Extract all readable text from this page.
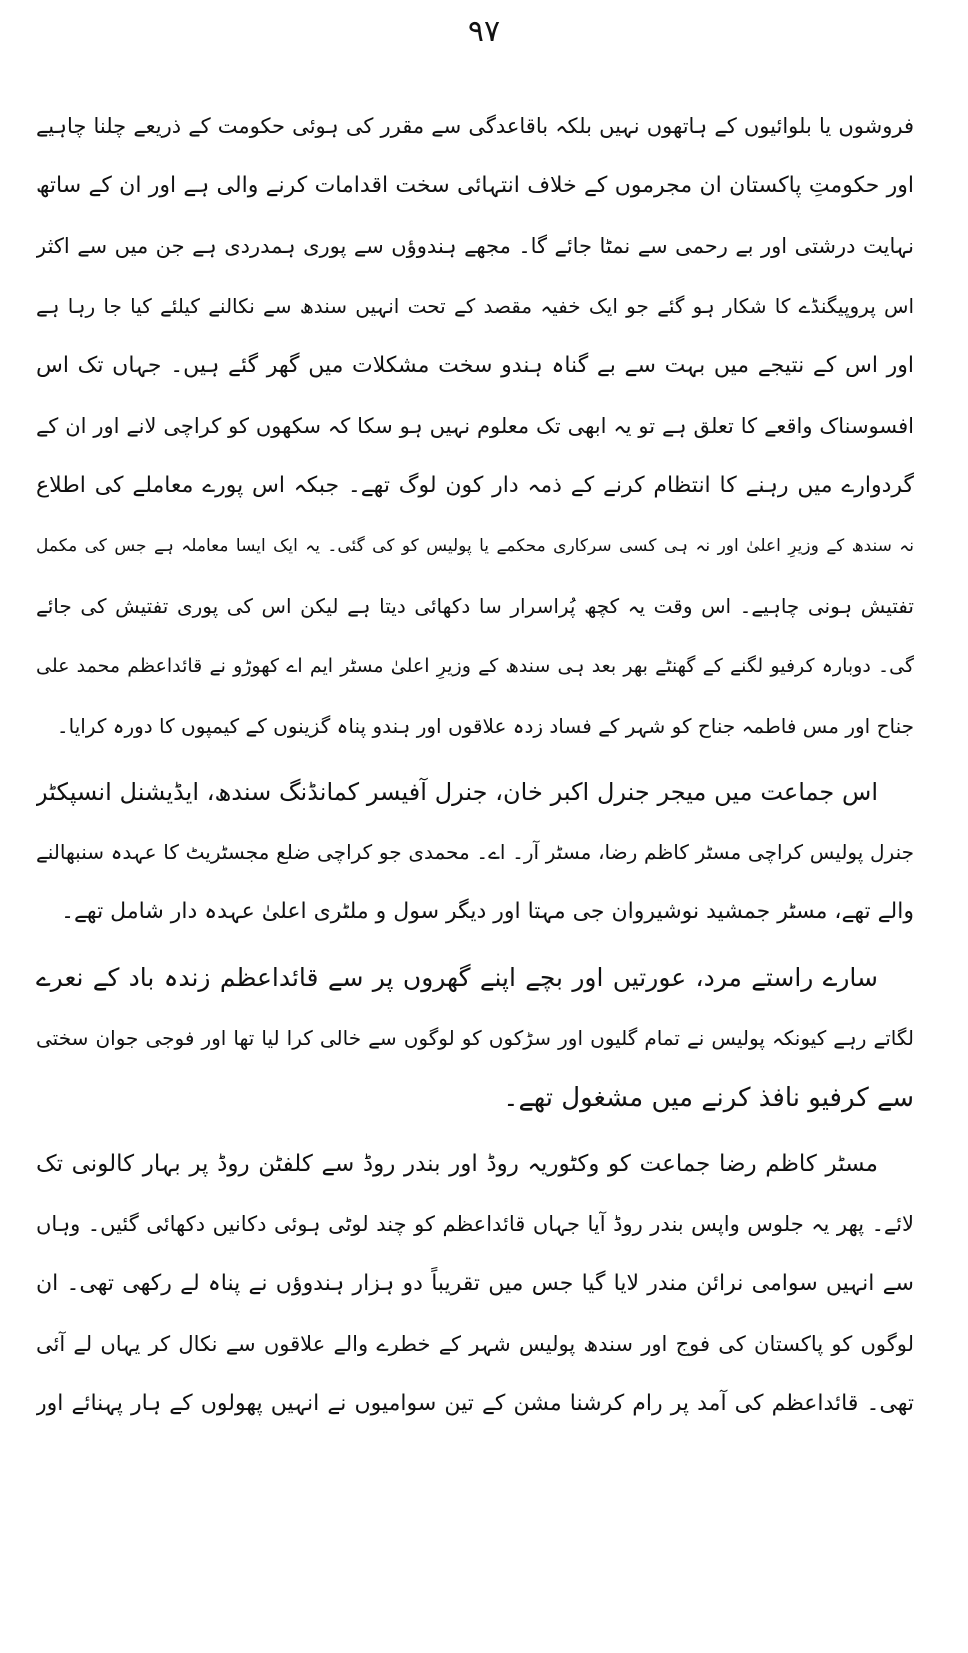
۹۷
فروشوں یا بلوائیوں کے ہاتھوں نہیں بلکہ باقاعدگی سے مقرر کی ہوئی حکومت کے ذریعے چلنا چاہیے
اور حکومتِ پاکستان ان مجرموں کے خلاف انتہائی سخت اقدامات کرنے والی ہے اور ان کے ساتھ
نہایت درشتی اور بے رحمی سے نمٹا جائے گا۔ مجھے ہندوؤں سے پوری ہمدردی ہے جن میں سے اکثر
اس پروپیگنڈے کا شکار ہو گئے جو ایک خفیہ مقصد کے تحت انہیں سندھ سے نکالنے کیلئے کیا جا رہا ہے
اور اس کے نتیجے میں بہت سے بے گناہ ہندو سخت مشکلات میں گھر گئے ہیں۔ جہاں تک اس
افسوسناک واقعے کا تعلق ہے تو یہ ابھی تک معلوم نہیں ہو سکا کہ سکھوں کو کراچی لانے اور ان کے
گردوارے میں رہنے کا انتظام کرنے کے ذمہ دار کون لوگ تھے۔ جبکہ اس پورے معاملے کی اطلاع
نہ سندھ کے وزیرِ اعلیٰ اور نہ ہی کسی سرکاری محکمے یا پولیس کو کی گئی۔ یہ ایک ایسا معاملہ ہے جس کی مکمل
تفتیش ہونی چاہیے۔ اس وقت یہ کچھ پُراسرار سا دکھائی دیتا ہے لیکن اس کی پوری تفتیش کی جائے
گی۔ دوبارہ کرفیو لگنے کے گھنٹے بھر بعد ہی سندھ کے وزیرِ اعلیٰ مسٹر ایم اے کھوڑو نے قائداعظم محمد علی
جناح اور مس فاطمہ جناح کو شہر کے فساد زدہ علاقوں اور ہندو پناہ گزینوں کے کیمپوں کا دورہ کرایا۔
اس جماعت میں میجر جنرل اکبر خان، جنرل آفیسر کمانڈنگ سندھ، ایڈیشنل انسپکٹر
جنرل پولیس کراچی مسٹر کاظم رضا، مسٹر آر۔ اے۔ محمدی جو کراچی ضلع مجسٹریٹ کا عہدہ سنبھالنے
والے تھے، مسٹر جمشید نوشیروان جی مہتا اور دیگر سول و ملٹری اعلیٰ عہدہ دار شامل تھے۔
سارے راستے مرد، عورتیں اور بچے اپنے گھروں پر سے قائداعظم زندہ باد کے نعرے
لگاتے رہے کیونکہ پولیس نے تمام گلیوں اور سڑکوں کو لوگوں سے خالی کرا لیا تھا اور فوجی جوان سختی
سے کرفیو نافذ کرنے میں مشغول تھے۔
مسٹر کاظم رضا جماعت کو وکٹوریہ روڈ اور بندر روڈ سے کلفٹن روڈ پر بہار کالونی تک
لائے۔ پھر یہ جلوس واپس بندر روڈ آیا جہاں قائداعظم کو چند لوٹی ہوئی دکانیں دکھائی گئیں۔ وہاں
سے انہیں سوامی نرائن مندر لایا گیا جس میں تقریباً دو ہزار ہندوؤں نے پناہ لے رکھی تھی۔ ان
لوگوں کو پاکستان کی فوج اور سندھ پولیس شہر کے خطرے والے علاقوں سے نکال کر یہاں لے آئی
تھی۔ قائداعظم کی آمد پر رام کرشنا مشن کے تین سوامیوں نے انہیں پھولوں کے ہار پہنائے اور
